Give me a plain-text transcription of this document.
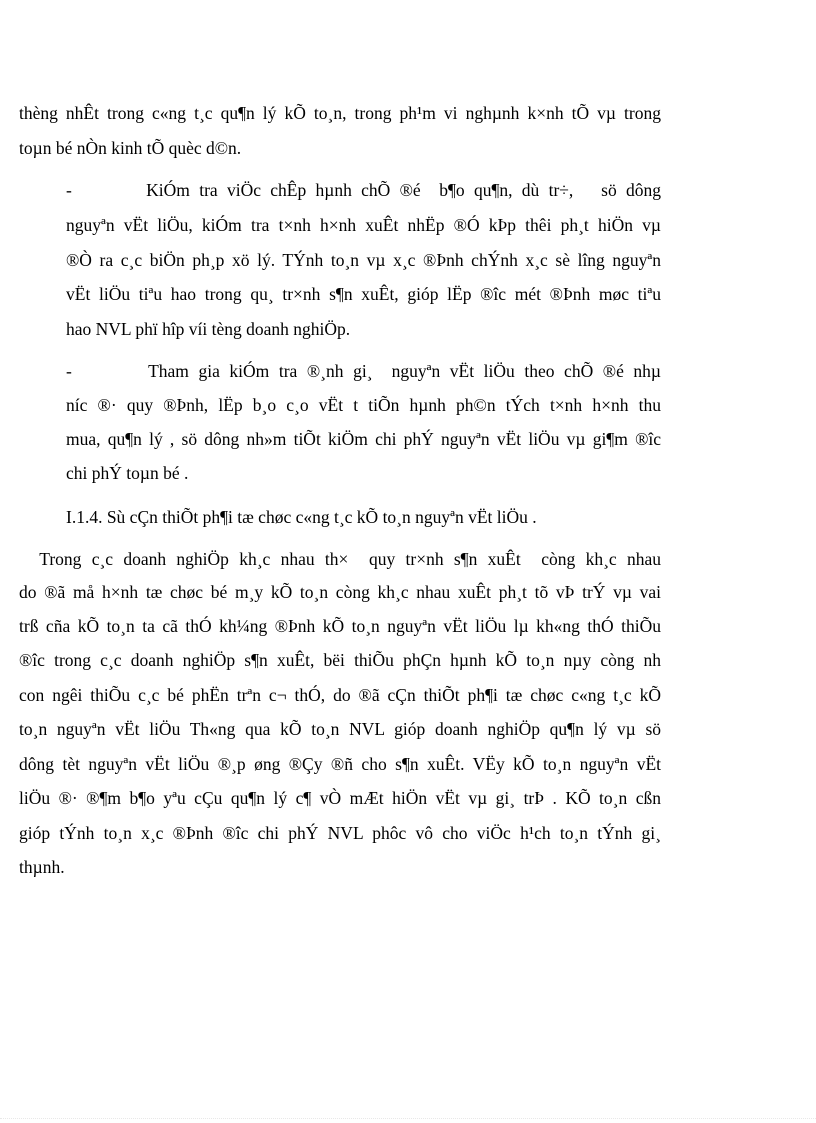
thèng nhÊt trong c«ng t¸c qu¶n lý kÕ to¸n, trong ph¹m vi nghµnh k×nh tÕ vµ trong
toµn bé nÒn kinh tÕ quèc d©n.
-        KiÓm tra viÖc chÊp hµnh chÕ ®é  b¶o qu¶n, dù tr÷,   sö dông
nguyªn vËt liÖu, kiÓm tra t×nh h×nh xuÊt nhËp ®Ó kÞp thêi ph¸t hiÖn vµ
®Ò ra c¸c biÖn ph¸p xö lý. TÝnh to¸n vµ x¸c ®Þnh chÝnh x¸c sè lîng nguyªn
vËt liÖu tiªu hao trong qu¸ tr×nh s¶n xuÊt, gióp lËp ®îc mét ®Þnh møc tiªu
hao NVL phï hîp víi tèng doanh nghiÖp.
-        Tham gia kiÓm tra ®¸nh gi¸  nguyªn vËt liÖu theo chÕ ®é nhµ
níc ®· quy ®Þnh, lËp b¸o c¸o vËt t tiÕn hµnh ph©n tÝch t×nh h×nh thu
mua, qu¶n lý , sö dông nh»m tiÕt kiÖm chi phÝ nguyªn vËt liÖu vµ gi¶m ®îc
chi phÝ toµn bé .
I.1.4. Sù cÇn thiÕt ph¶i tæ chøc c«ng t¸c kÕ to¸n nguyªn vËt liÖu .
Trong c¸c doanh nghiÖp kh¸c nhau th×  quy tr×nh s¶n xuÊt  còng kh¸c nhau
do ®ã må h×nh tæ chøc bé m¸y kÕ to¸n còng kh¸c nhau xuÊt ph¸t tõ vÞ trÝ vµ vai
trß cña kÕ to¸n ta cã thÓ kh¼ng ®Þnh kÕ to¸n nguyªn vËt liÖu lµ kh«ng thÓ thiÕu
®îc trong c¸c doanh nghiÖp s¶n xuÊt, bëi thiÕu phÇn hµnh kÕ to¸n nµy còng nh
con ngêi thiÕu c¸c bé phËn trªn c¬ thÓ, do ®ã cÇn thiÕt ph¶i tæ chøc c«ng t¸c kÕ
to¸n nguyªn vËt liÖu Th«ng qua kÕ to¸n NVL gióp doanh nghiÖp qu¶n lý vµ sö
dông tèt nguyªn vËt liÖu ®¸p øng ®Çy ®ñ cho s¶n xuÊt. VËy kÕ to¸n nguyªn vËt
liÖu ®· ®¶m b¶o yªu cÇu qu¶n lý c¶ vÒ mÆt hiÖn vËt vµ gi¸ trÞ . KÕ to¸n cßn
gióp tÝnh to¸n x¸c ®Þnh ®îc chi phÝ NVL phôc vô cho viÖc h¹ch to¸n tÝnh gi¸
thµnh.
